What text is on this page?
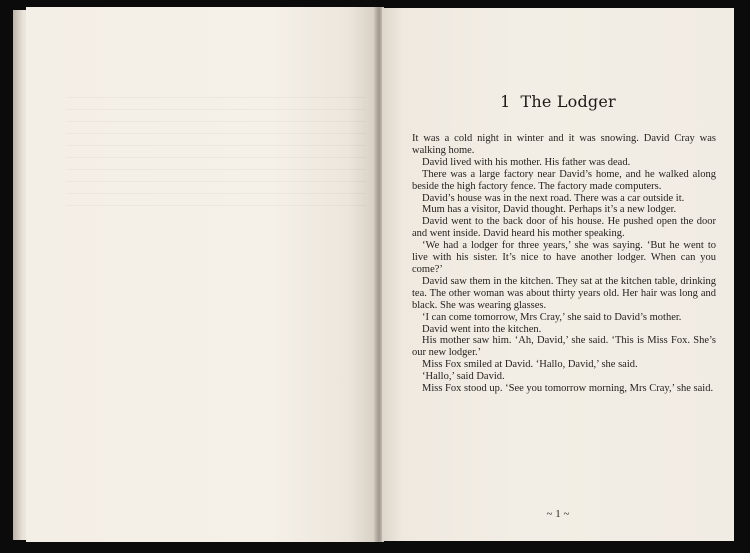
1 The Lodger

It was a cold night in winter and it was snowing. David Cray was walking home.

David lived with his mother. His father was dead.

There was a large factory near David’s home, and he walked along beside the high factory fence. The factory made computers.

David’s house was in the next road. There was a car outside it.

Mum has a visitor, David thought. Perhaps it’s a new lodger.

David went to the back door of his house. He pushed open the door and went inside. David heard his mother speaking.

‘We had a lodger for three years,’ she was saying. ‘But he went to live with his sister. It’s nice to have another lodger. When can you come?’

David saw them in the kitchen. They sat at the kitchen table, drinking tea. The other woman was about thirty years old. Her hair was long and black. She was wearing glasses.

‘I can come tomorrow, Mrs Cray,’ she said to David’s mother.

David went into the kitchen.

His mother saw him. ‘Ah, David,’ she said. ‘This is Miss Fox. She’s our new lodger.’

Miss Fox smiled at David. ‘Hallo, David,’ she said.

‘Hallo,’ said David.

Miss Fox stood up. ‘See you tomorrow morning, Mrs Cray,’ she said.

~ 1 ~
